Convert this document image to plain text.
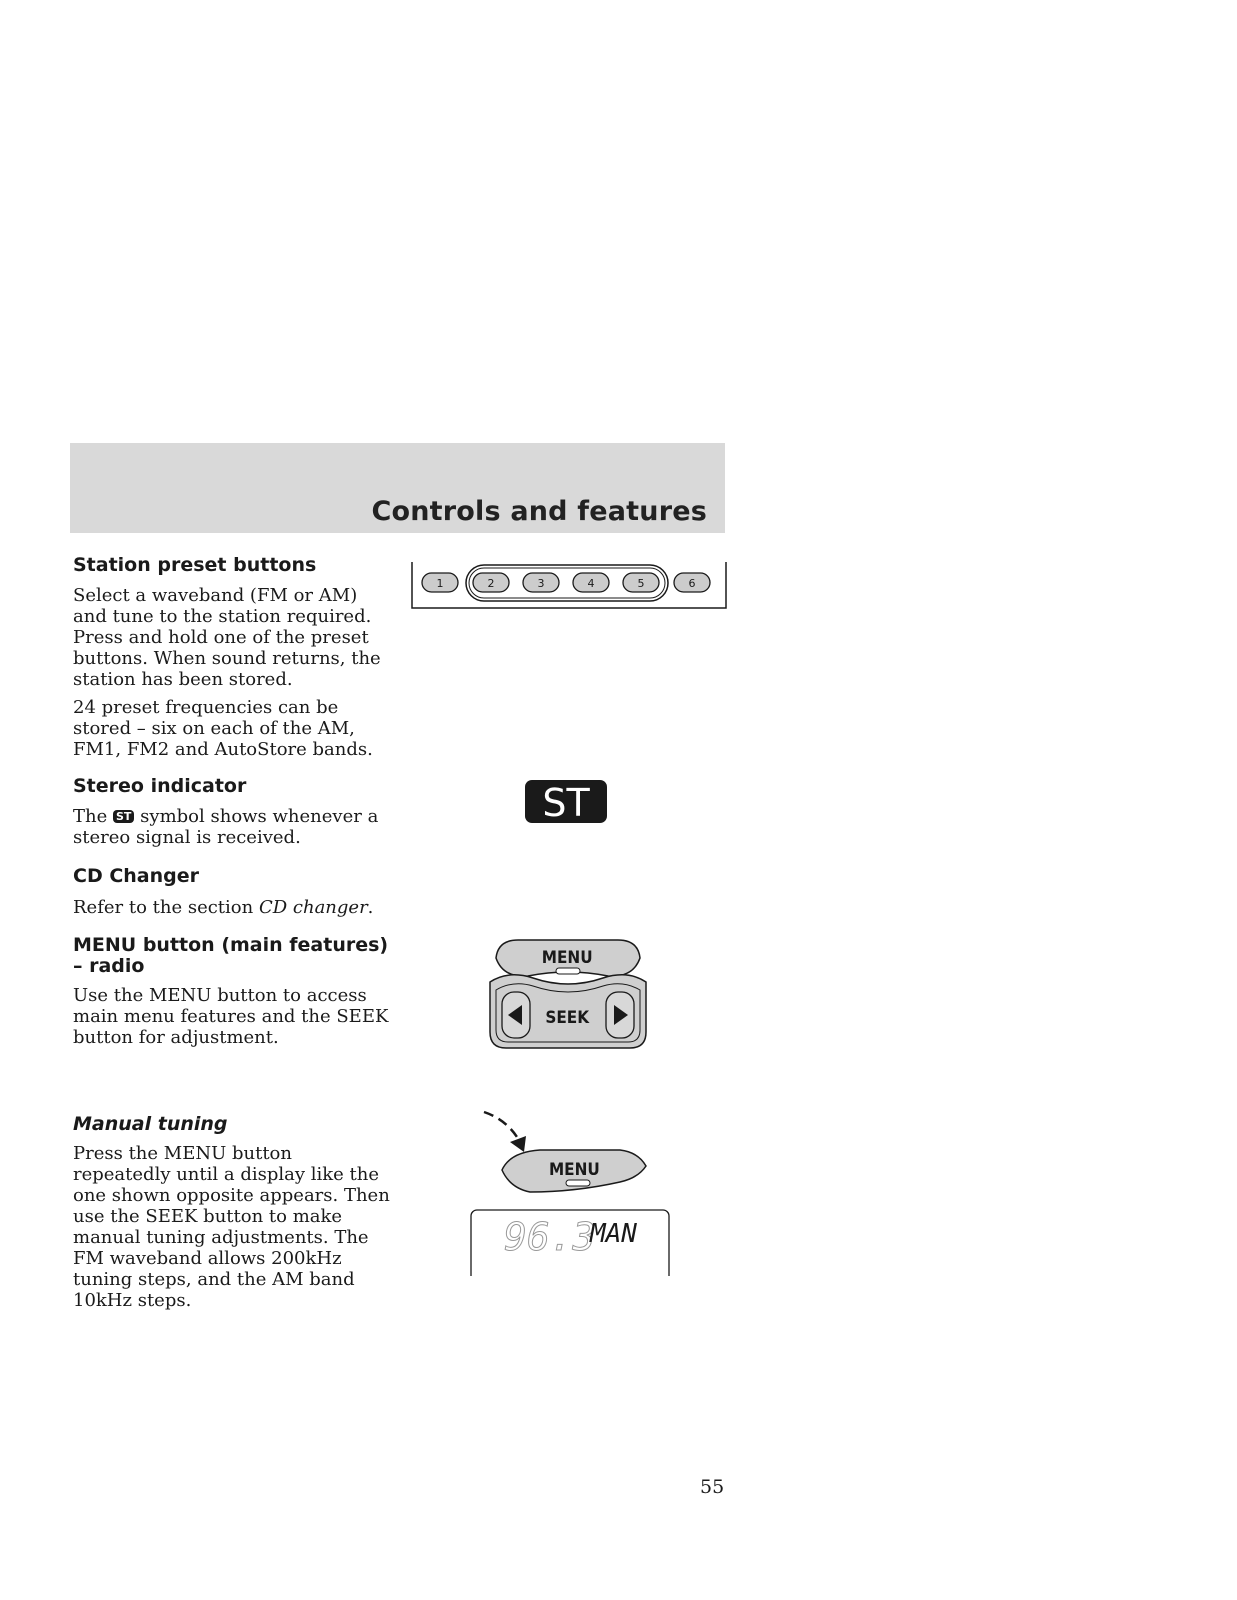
Controls and features
Station preset buttons

Select a waveband (FM or AM) and tune to the station required. Press and hold one of the preset buttons. When sound returns, the station has been stored.

24 preset frequencies can be stored – six on each of the AM, FM1, FM2 and AutoStore bands.

1	2	3	4	5	6
Stereo indicator

The ST symbol shows whenever a stereo signal is received.

ST
CD Changer

Refer to the section CD changer.

MENU button (main features) – radio

Use the MENU button to access main menu features and the SEEK button for adjustment.

MENU
SEEK
Manual tuning

Press the MENU button repeatedly until a display like the one shown opposite appears. Then use the SEEK button to make manual tuning adjustments. The FM waveband allows 200kHz tuning steps, and the AM band 10kHz steps.

MENU
96.3
MAN
55
